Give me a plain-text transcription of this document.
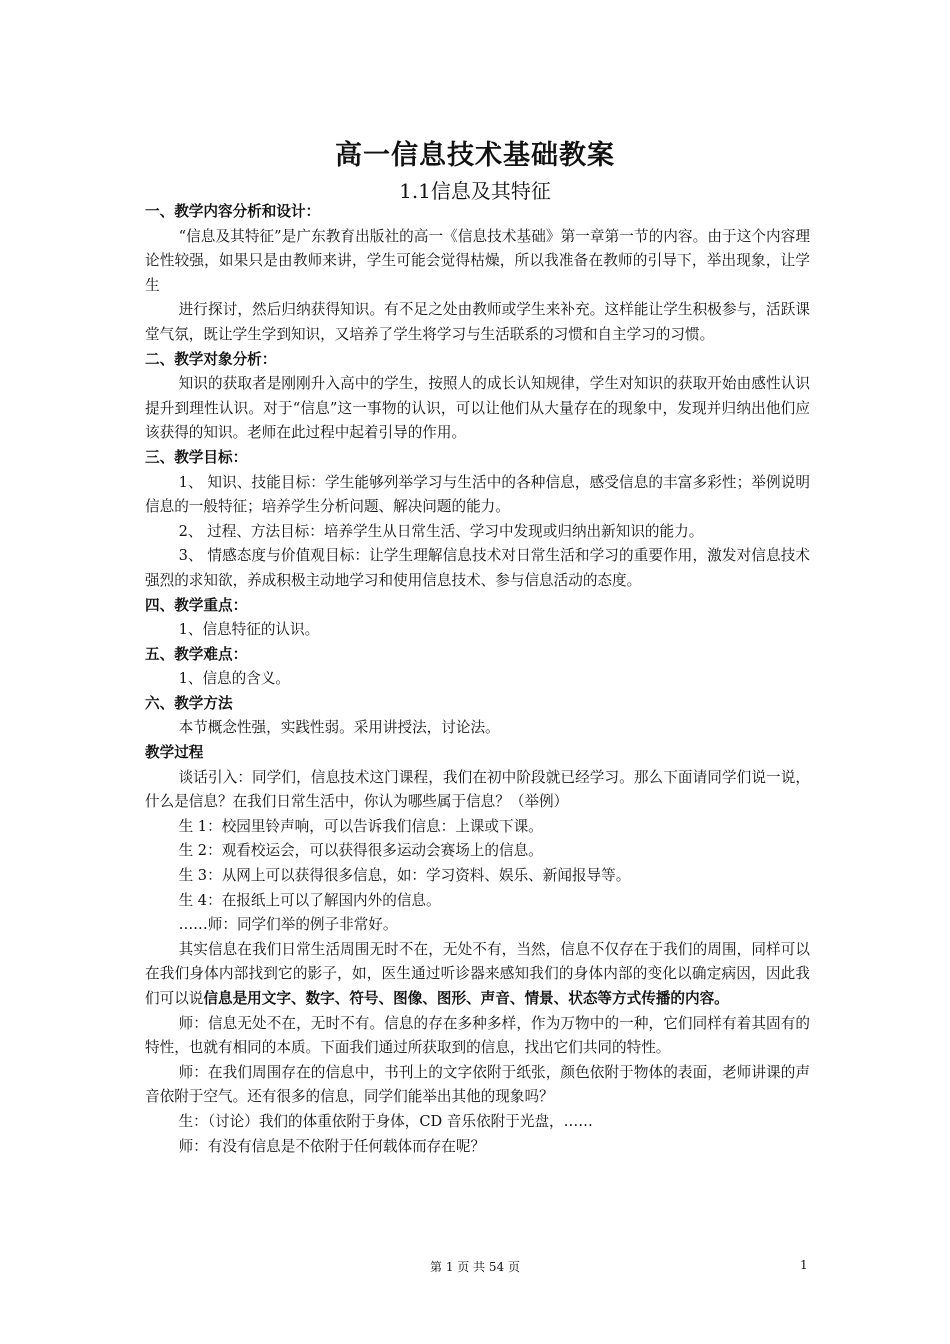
高一信息技术基础教案
1.1信息及其特征

一、教学内容分析和设计：

“信息及其特征”是广东教育出版社的高一《信息技术基础》第一章第一节的内容。由于这个内容理论性较强，如果只是由教师来讲，学生可能会觉得枯燥，所以我准备在教师的引导下，举出现象，让学生

进行探讨，然后归纳获得知识。有不足之处由教师或学生来补充。这样能让学生积极参与，活跃课堂气氛，既让学生学到知识，又培养了学生将学习与生活联系的习惯和自主学习的习惯。

二、教学对象分析：

知识的获取者是刚刚升入高中的学生，按照人的成长认知规律，学生对知识的获取开始由感性认识提升到理性认识。对于“信息”这一事物的认识，可以让他们从大量存在的现象中，发现并归纳出他们应该获得的知识。老师在此过程中起着引导的作用。

三、教学目标：

1、 知识、技能目标：学生能够列举学习与生活中的各种信息，感受信息的丰富多彩性；举例说明信息的一般特征；培养学生分析问题、解决问题的能力。

2、 过程、方法目标：培养学生从日常生活、学习中发现或归纳出新知识的能力。

3、 情感态度与价值观目标：让学生理解信息技术对日常生活和学习的重要作用，激发对信息技术强烈的求知欲，养成积极主动地学习和使用信息技术、参与信息活动的态度。

四、教学重点：

1、信息特征的认识。

五、教学难点：

1、信息的含义。

六、教学方法

本节概念性强，实践性弱。采用讲授法，讨论法。

教学过程

谈话引入：同学们，信息技术这门课程，我们在初中阶段就已经学习。那么下面请同学们说一说，什么是信息？在我们日常生活中，你认为哪些属于信息？（举例）

生 1：校园里铃声响，可以告诉我们信息：上课或下课。

生 2：观看校运会，可以获得很多运动会赛场上的信息。

生 3：从网上可以获得很多信息，如：学习资料、娱乐、新闻报导等。

生 4：在报纸上可以了解国内外的信息。

……师：同学们举的例子非常好。

其实信息在我们日常生活周围无时不在，无处不有，当然，信息不仅存在于我们的周围，同样可以在我们身体内部找到它的影子，如，医生通过听诊器来感知我们的身体内部的变化以确定病因，因此我们可以说信息是用文字、数字、符号、图像、图形、声音、情景、状态等方式传播的内容。

师：信息无处不在，无时不有。信息的存在多种多样，作为万物中的一种，它们同样有着其固有的特性，也就有相同的本质。下面我们通过所获取到的信息，找出它们共同的特性。

师：在我们周围存在的信息中，书刊上的文字依附于纸张，颜色依附于物体的表面，老师讲课的声音依附于空气。还有很多的信息，同学们能举出其他的现象吗？

生：（讨论）我们的体重依附于身体，CD 音乐依附于光盘，……

师：有没有信息是不依附于任何载体而存在呢？

第 1 页 共 54 页	1
